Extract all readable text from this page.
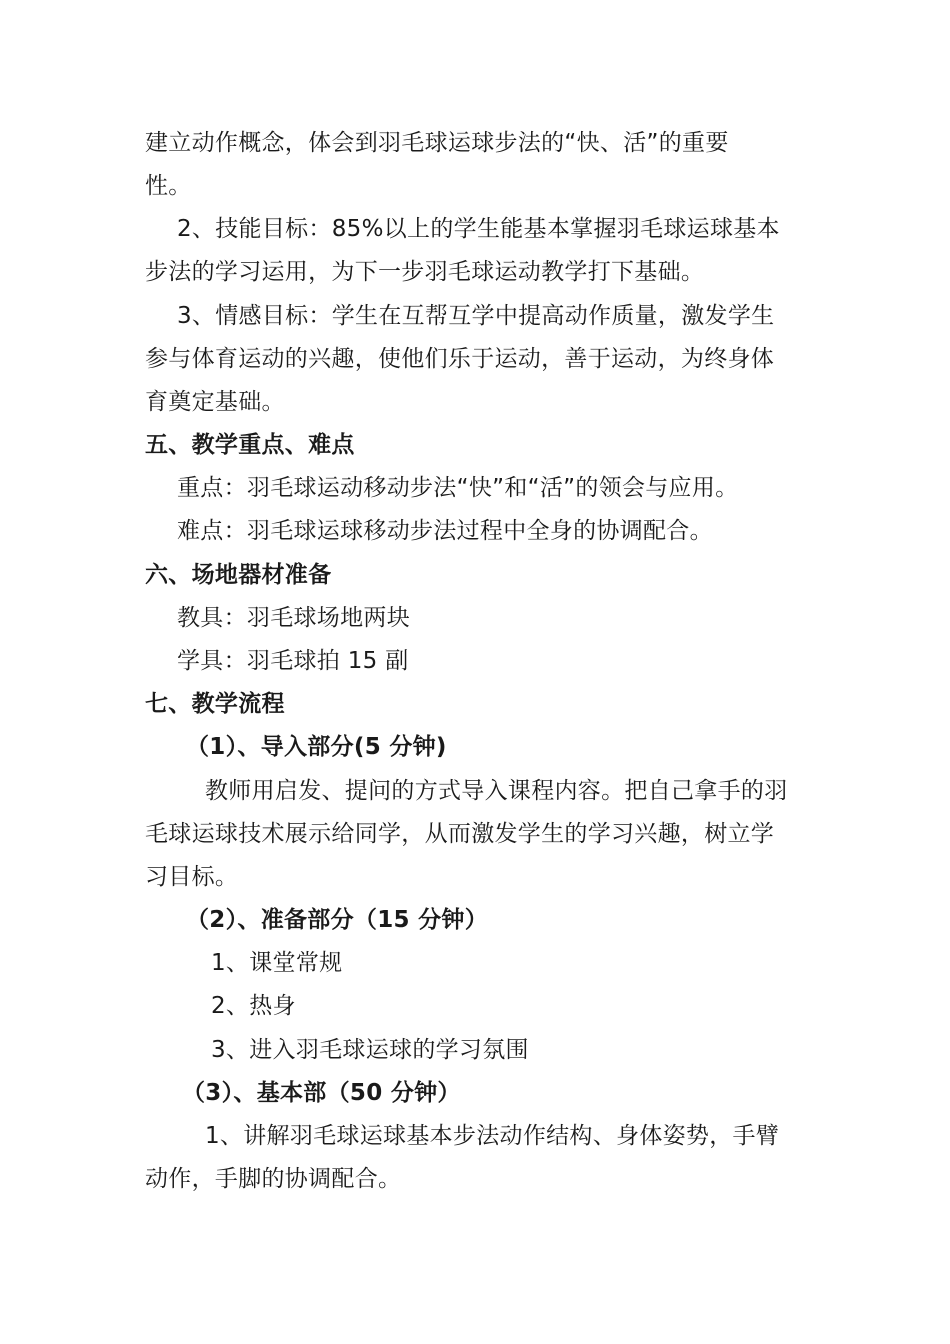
建立动作概念，体会到羽毛球运球步法的“快、活”的重要
性。
2、技能目标：85%以上的学生能基本掌握羽毛球运球基本
步法的学习运用，为下一步羽毛球运动教学打下基础。
3、情感目标：学生在互帮互学中提高动作质量，激发学生
参与体育运动的兴趣，使他们乐于运动，善于运动，为终身体
育奠定基础。
五、教学重点、难点
重点：羽毛球运动移动步法“快”和“活”的领会与应用。
难点：羽毛球运球移动步法过程中全身的协调配合。
六、场地器材准备
教具：羽毛球场地两块
学具：羽毛球拍 15 副
七、教学流程
（1）、导入部分(5 分钟)
教师用启发、提问的方式导入课程内容。把自己拿手的羽
毛球运球技术展示给同学，从而激发学生的学习兴趣，树立学
习目标。
（2）、准备部分（15 分钟）
1、课堂常规
2、热身
3、进入羽毛球运球的学习氛围
（3）、基本部（50 分钟）
1、讲解羽毛球运球基本步法动作结构、身体姿势，手臂
动作，手脚的协调配合。
